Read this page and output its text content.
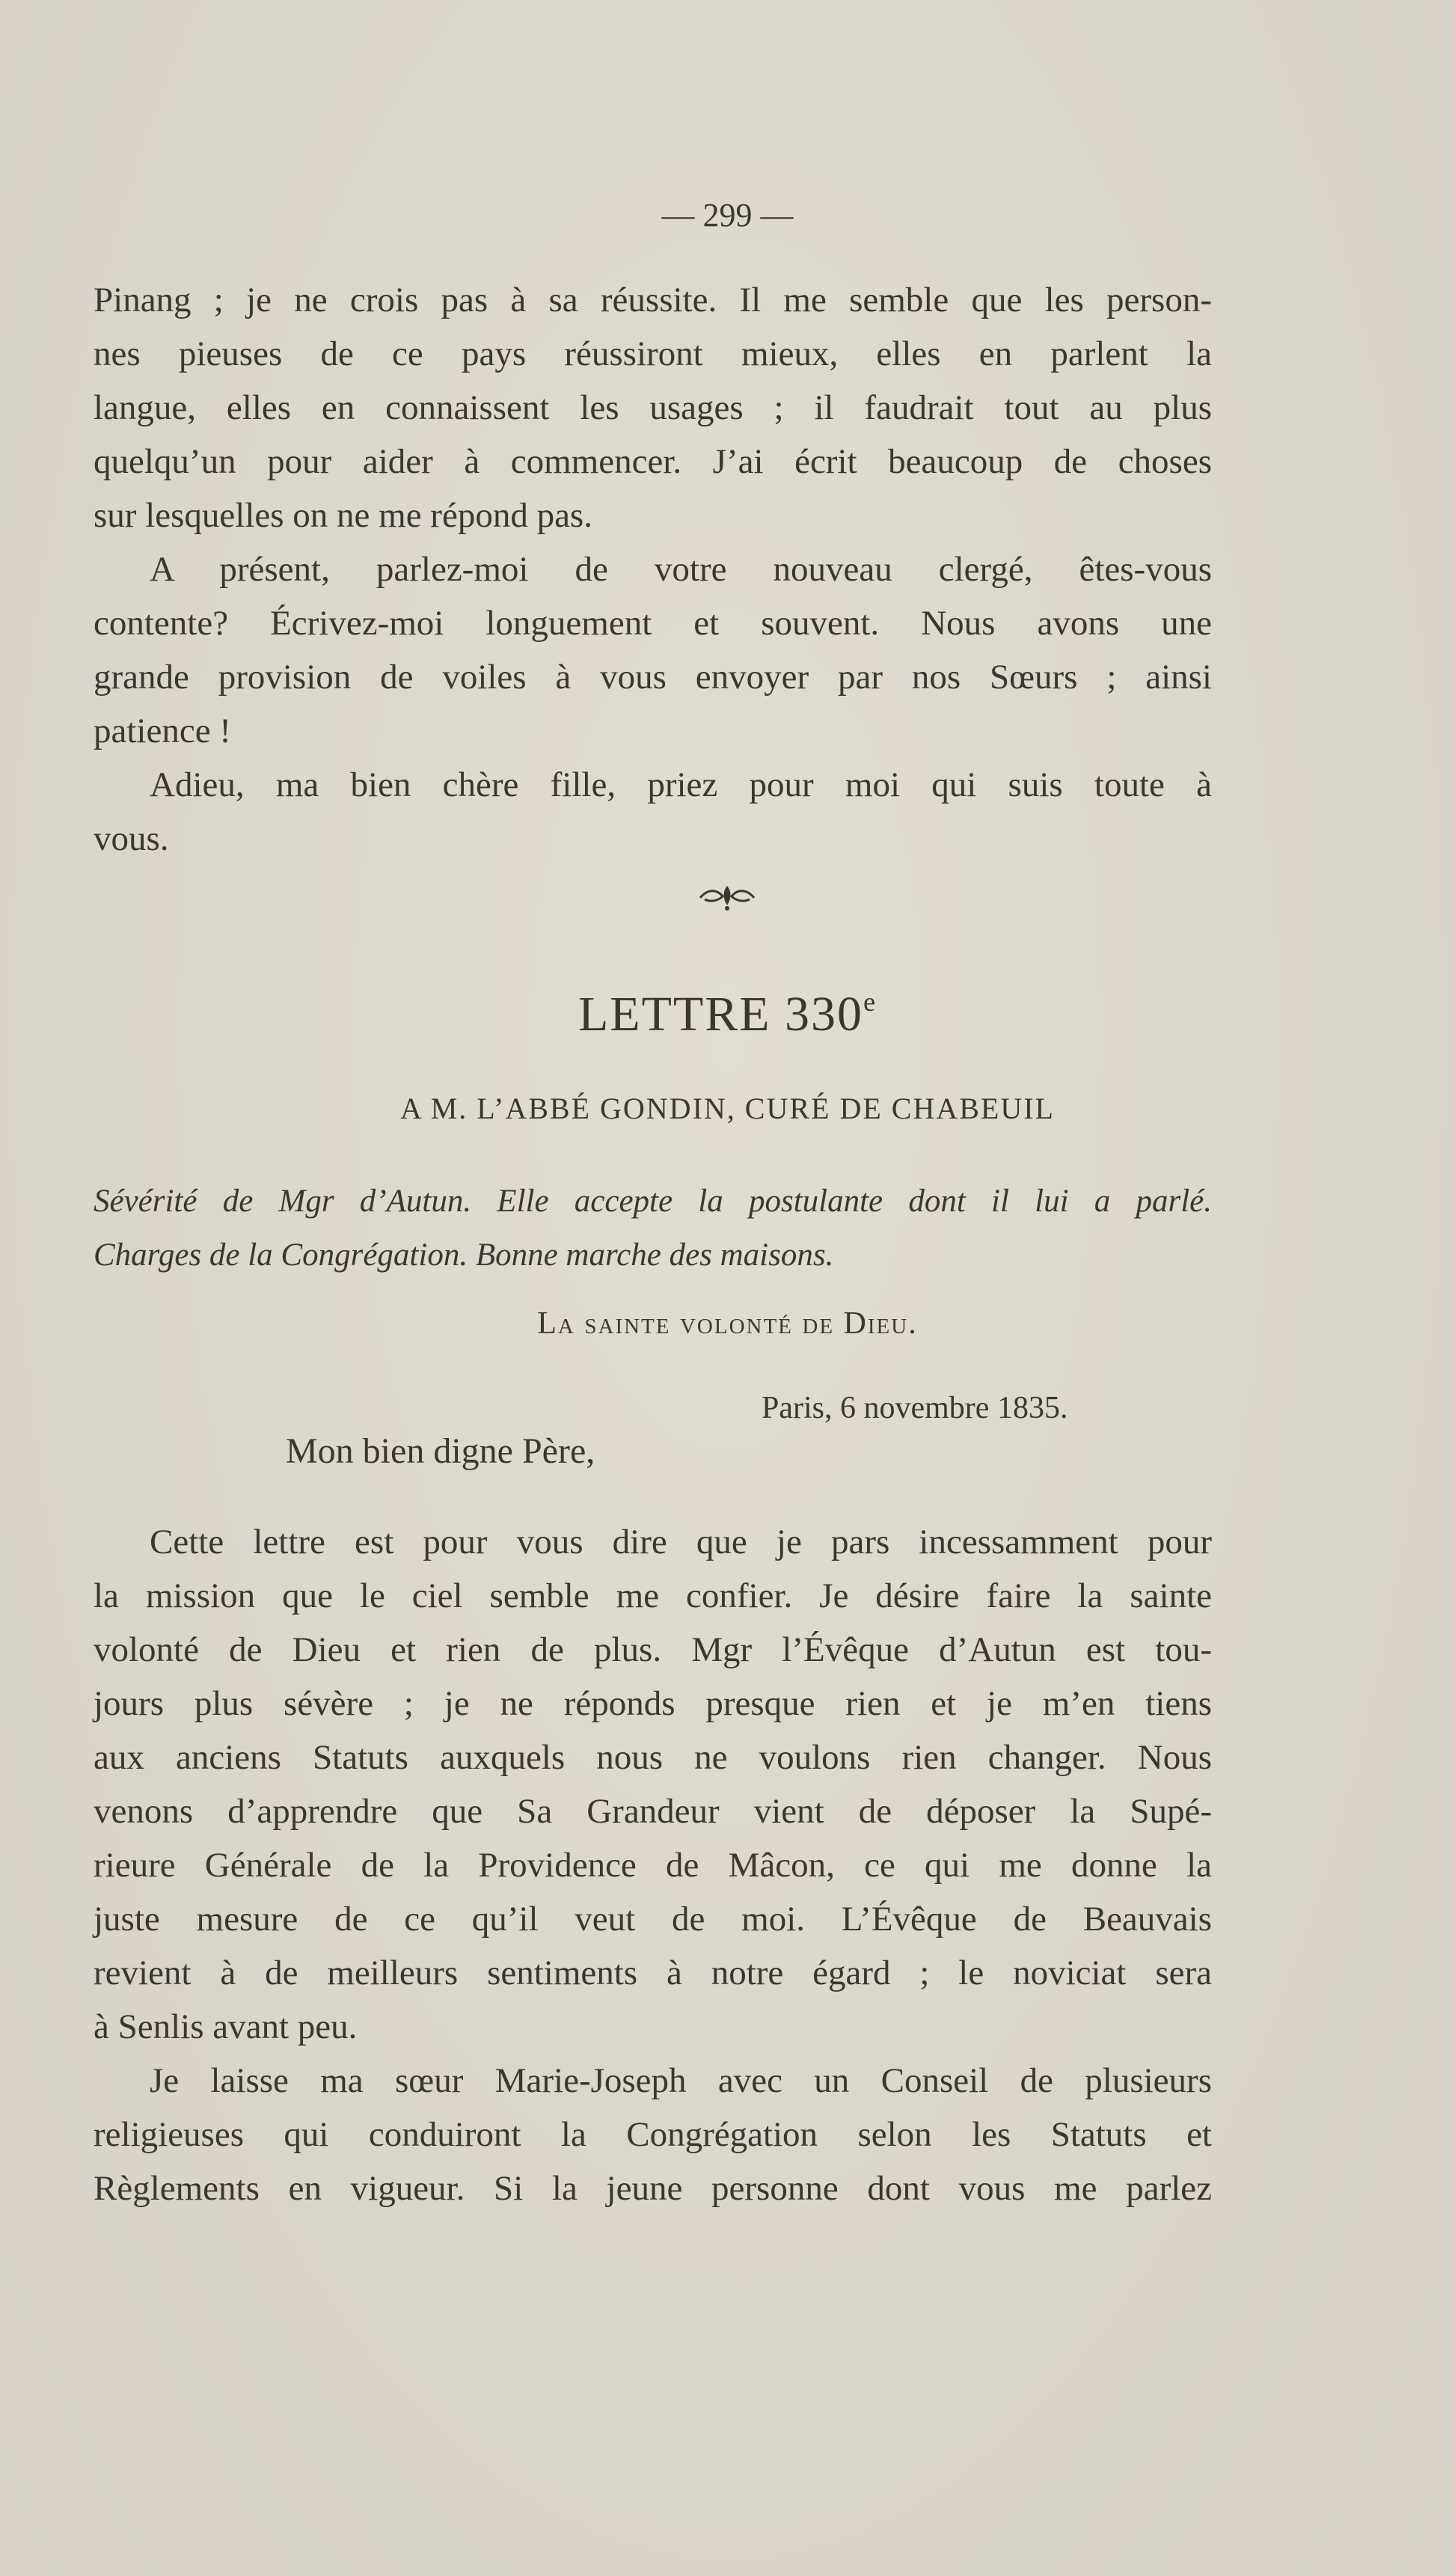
— 299 —
Pinang ; je ne crois pas à sa réussite. Il me semble que les person-
nes pieuses de ce pays réussiront mieux, elles en parlent la
langue, elles en connaissent les usages ; il faudrait tout au plus
quelqu’un pour aider à commencer. J’ai écrit beaucoup de choses
sur lesquelles on ne me répond pas.
A présent, parlez-moi de votre nouveau clergé, êtes-vous
contente? Écrivez-moi longuement et souvent. Nous avons une
grande provision de voiles à vous envoyer par nos Sœurs ; ainsi
patience !
Adieu, ma bien chère fille, priez pour moi qui suis toute à
vous.
LETTRE 330e
A M. L’ABBÉ GONDIN, CURÉ DE CHABEUIL
Sévérité de Mgr d’Autun. Elle accepte la postulante dont il lui a parlé.
Charges de la Congrégation. Bonne marche des maisons.
La sainte volonté de Dieu.
Paris, 6 novembre 1835.
Mon bien digne Père,
Cette lettre est pour vous dire que je pars incessamment pour
la mission que le ciel semble me confier. Je désire faire la sainte
volonté de Dieu et rien de plus. Mgr l’Évêque d’Autun est tou-
jours plus sévère ; je ne réponds presque rien et je m’en tiens
aux anciens Statuts auxquels nous ne voulons rien changer. Nous
venons d’apprendre que Sa Grandeur vient de déposer la Supé-
rieure Générale de la Providence de Mâcon, ce qui me donne la
juste mesure de ce qu’il veut de moi. L’Évêque de Beauvais
revient à de meilleurs sentiments à notre égard ; le noviciat sera
à Senlis avant peu.
Je laisse ma sœur Marie-Joseph avec un Conseil de plusieurs
religieuses qui conduiront la Congrégation selon les Statuts et
Règlements en vigueur. Si la jeune personne dont vous me parlez
